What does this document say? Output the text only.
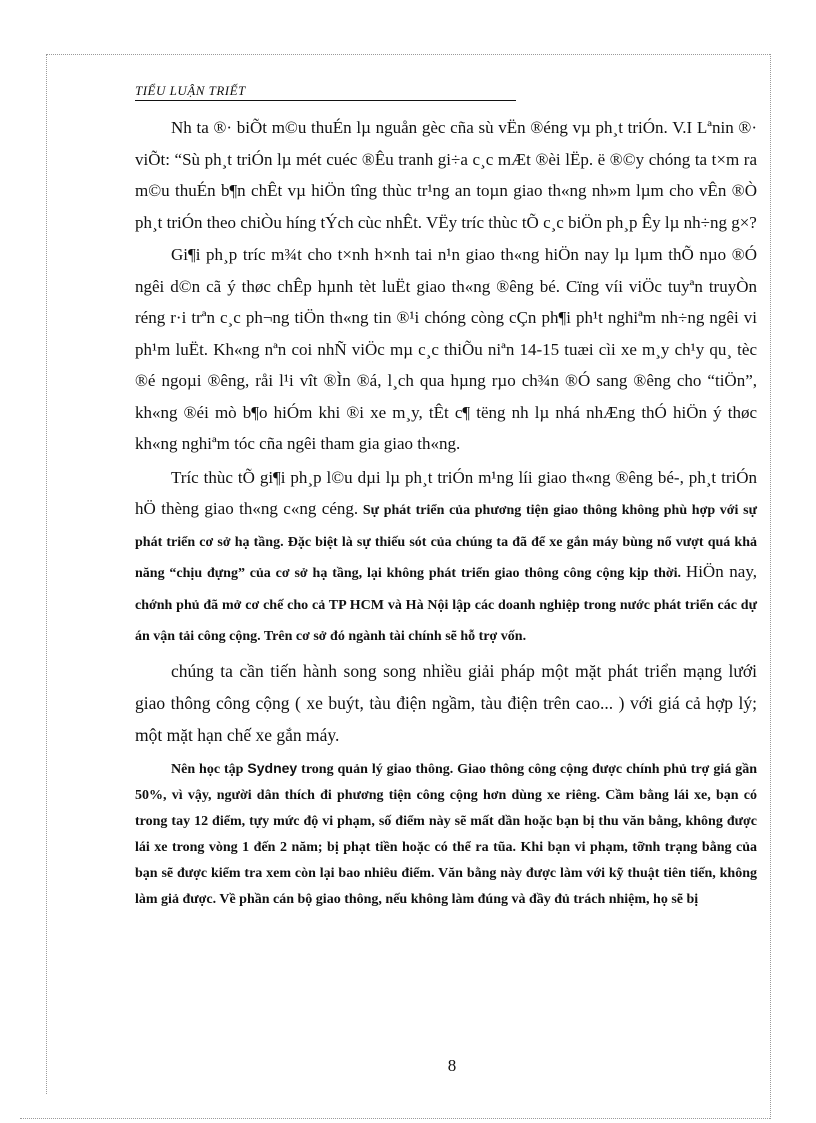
TIỂU LUẬN TRIẾT

Nh ta ®· biÕt m©u thuÉn lµ nguån gèc cña sù vËn ®éng vµ ph¸t triÓn. V.I Lªnin ®· viÕt: “Sù ph¸t triÓn lµ mét cuéc ®Êu tranh gi÷a c¸c mÆt ®èi lËp. ë ®©y chóng ta t×m ra m©u thuÉn b¶n chÊt vµ hiÖn tîng thùc tr¹ng an toµn giao th«ng nh»m lµm cho vÊn ®Ò ph¸t triÓn theo chiÒu híng tÝch cùc nhÊt. VËy tríc thùc tÕ c¸c biÖn ph¸p Êy lµ nh÷ng g×?

Gi¶i ph¸p tríc m¾t cho t×nh h×nh tai n¹n giao th«ng hiÖn nay lµ lµm thÕ nµo ®Ó ngêi d©n cã ý thøc chÊp hµnh tèt luËt giao th«ng ®êng bé. Cïng víi viÖc tuyªn truyÒn réng r·i trªn c¸c ph¬ng tiÖn th«ng tin ®¹i chóng còng cÇn ph¶i ph¹t nghiªm nh÷ng ngêi vi ph¹m luËt. Kh«ng nªn coi nhÑ viÖc mµ c¸c thiÕu niªn 14-15 tuæi cìi xe m¸y ch¹y qu¸ tèc ®é ngoµi ®êng, råi l¹i vît ®Ìn ®á, l¸ch qua hµng rµo ch¾n ®Ó sang ®êng cho “tiÖn”, kh«ng ®éi mò b¶o hiÓm khi ®i xe m¸y, tÊt c¶ tëng nh lµ nhá nhÆng thÓ hiÖn ý thøc kh«ng nghiªm tóc cña ngêi tham gia giao th«ng.

Tríc thùc tÕ gi¶i ph¸p l©u dµi lµ ph¸t triÓn m¹ng líi giao th«ng ®êng bé-, ph¸t triÓn hÖ thèng giao th«ng c«ng céng. Sự phát triển của phương tiện giao thông không phù hợp với sự phát triển cơ sở hạ tầng. Đặc biệt là sự thiếu sót của chúng ta đã để xe gắn máy bùng nổ vượt quá khả năng “chịu đựng” của cơ sở hạ tầng, lại không phát triển giao thông công cộng kịp thời. HiÖn nay, chớnh phủ đã mở cơ chế cho cả TP HCM và Hà Nội lập các doanh nghiệp trong nước phát triển các dự án vận tải công cộng. Trên cơ sở đó ngành tài chính sẽ hỗ trợ vốn.

chúng ta cần tiến hành song song nhiều giải pháp một mặt phát triển mạng lưới giao thông công cộng ( xe buýt, tàu điện ngầm, tàu điện trên cao... ) với giá cả hợp lý; một mặt hạn chế xe gắn máy.

Nên học tập Sydney trong quản lý giao thông. Giao thông công cộng được chính phủ trợ giá gần 50%, vì vậy, người dân thích đi phương tiện công cộng hơn dùng xe riêng. Cầm bằng lái xe, bạn có trong tay 12 điểm, tựy mức độ vi phạm, số điểm này sẽ mất dần hoặc bạn bị thu văn bằng, không được lái xe trong vòng 1 đến 2 năm; bị phạt tiền hoặc có thể ra tũa. Khi bạn vi phạm, tỡnh trạng bằng của bạn sẽ được kiểm tra xem còn lại bao nhiêu điểm. Văn bằng này được làm với kỹ thuật tiên tiến, không làm giả được. Về phần cán bộ giao thông, nếu không làm đúng và đầy đủ trách nhiệm, họ sẽ bị

8
